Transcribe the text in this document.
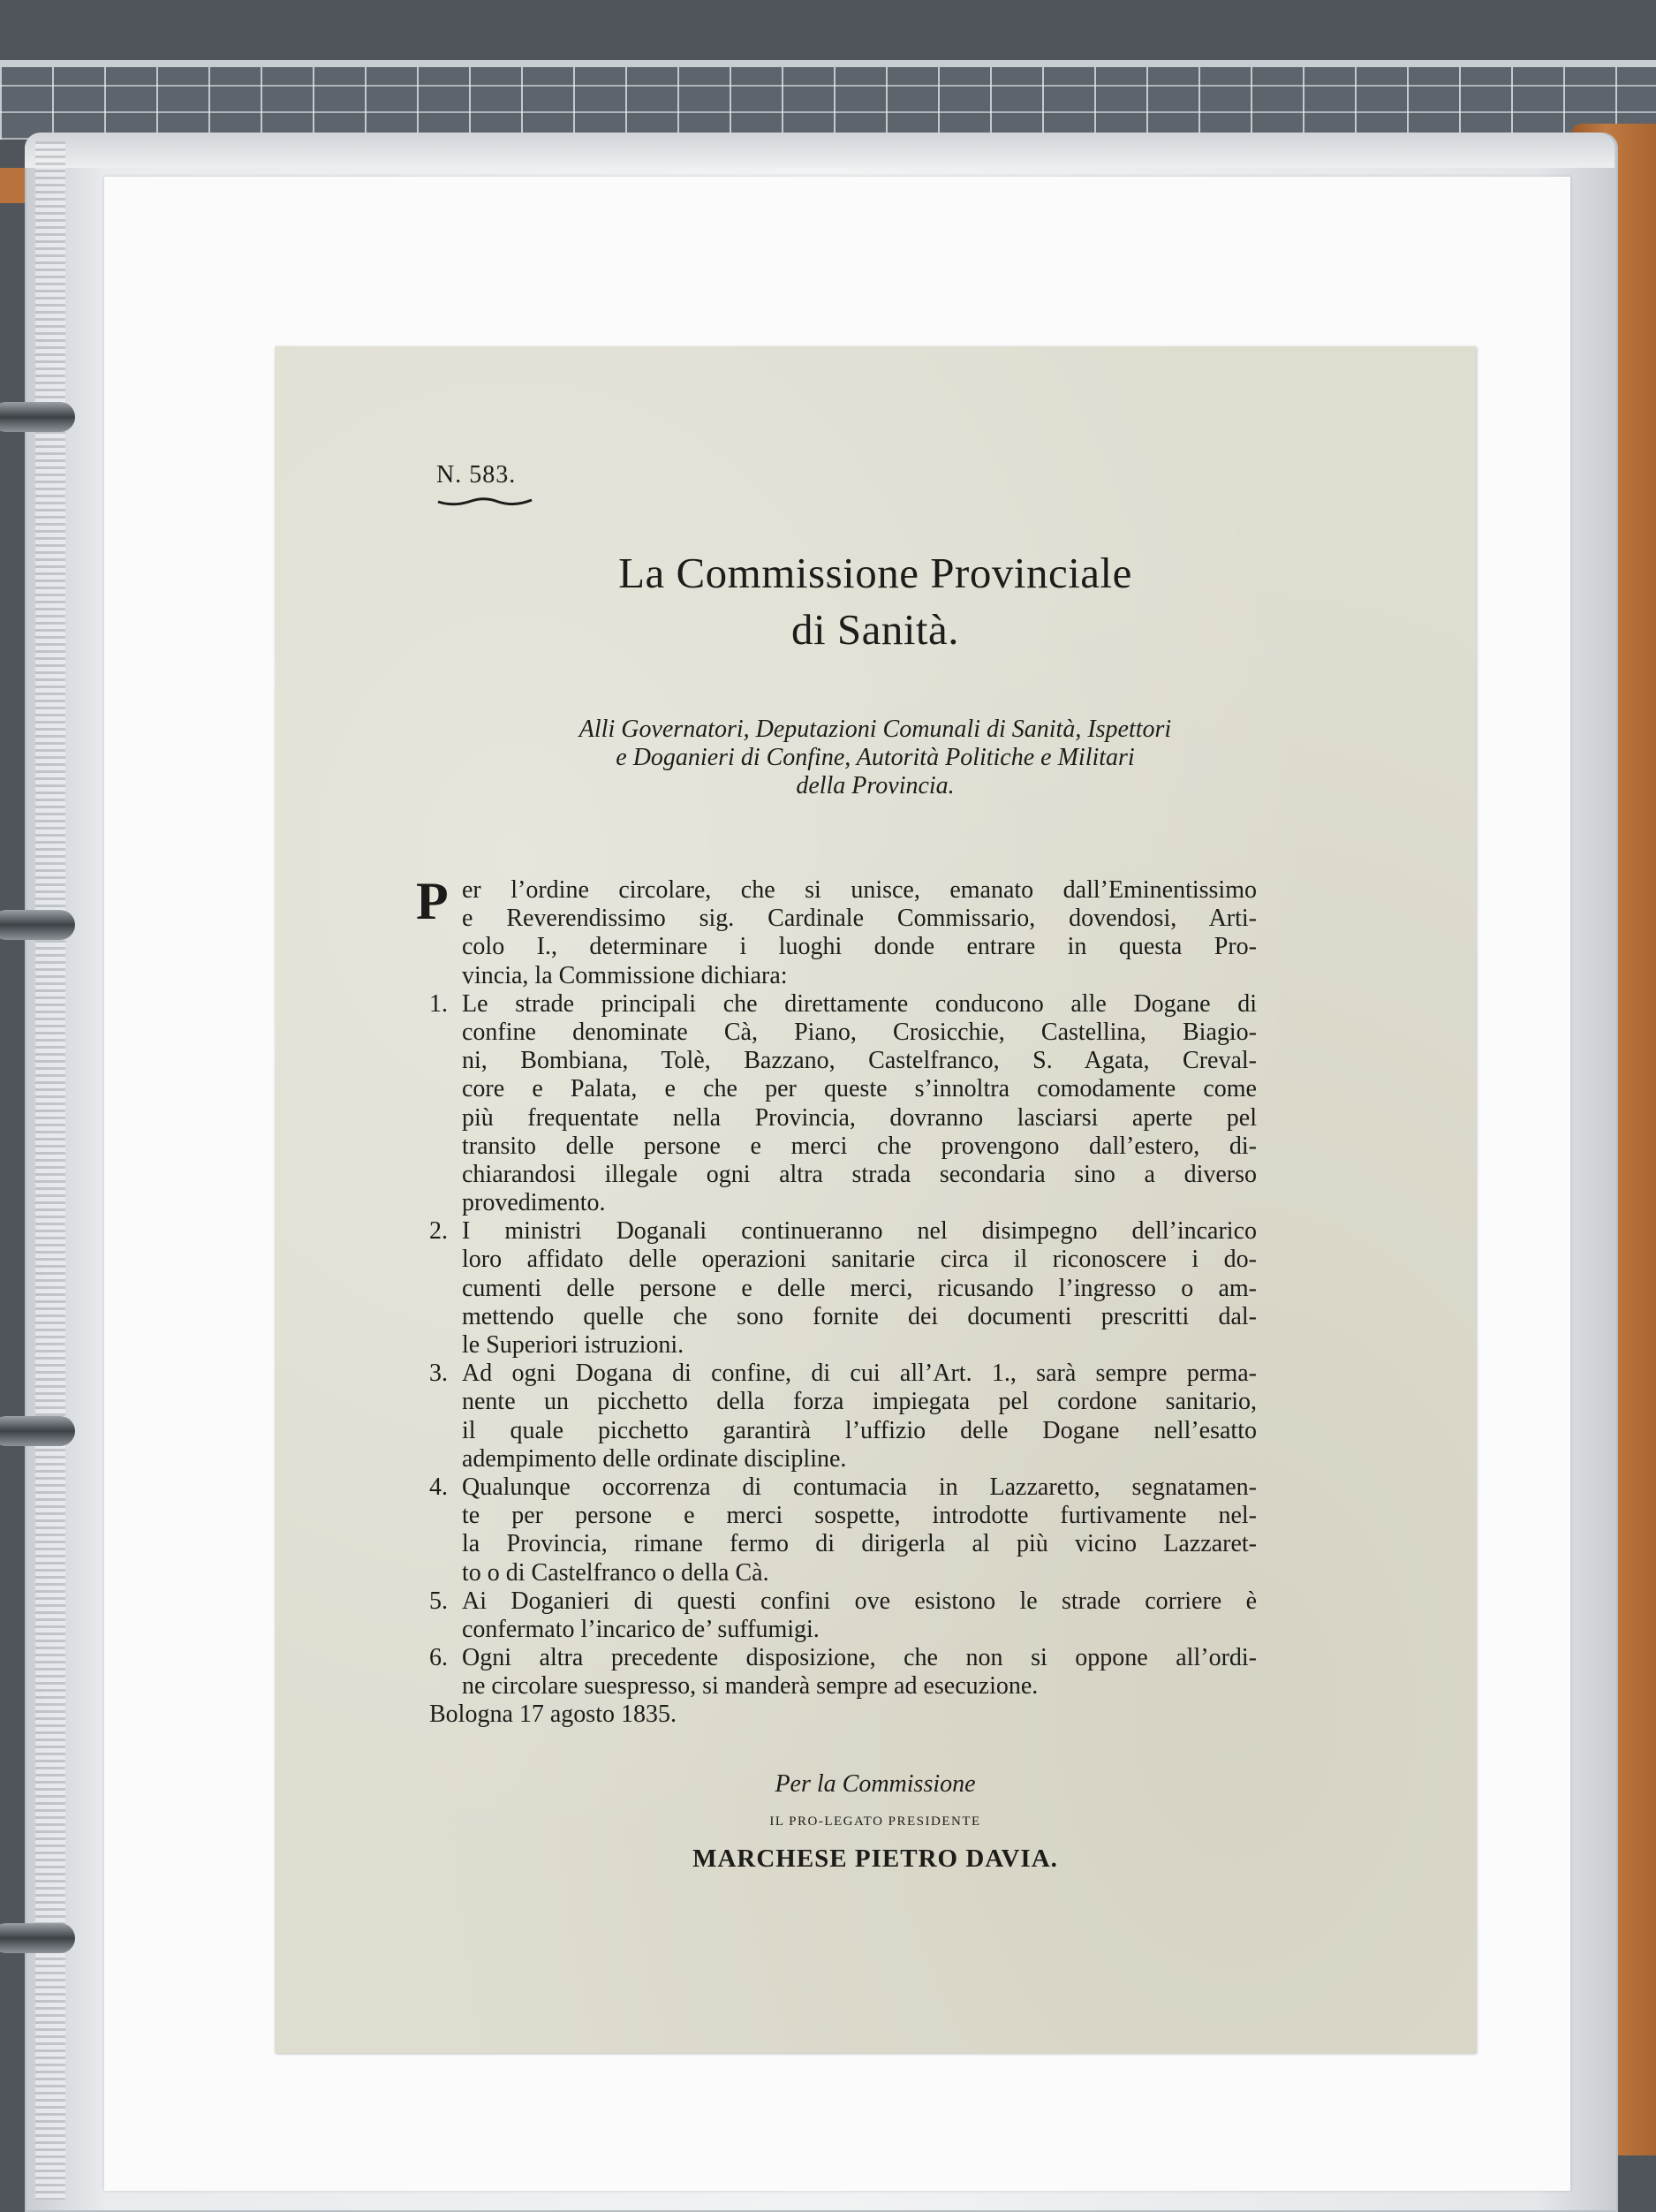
N. 583.
La Commissione Provinciale
di Sanità.
Alli Governatori, Deputazioni Comunali di Sanità, Ispettori
e Doganieri di Confine, Autorità Politiche e Militari
della Provincia.
er l’ordine circolare, che si unisce, emanato dall’Eminentissimo
e Reverendissimo sig. Cardinale Commissario, dovendosi, Arti-
colo I., determinare i luoghi donde entrare in questa Pro-
vincia, la Commissione dichiara:
P
1. Le strade principali che direttamente conducono alle Dogane di
confine denominate Cà, Piano, Crosicchie, Castellina, Biagio-
ni, Bombiana, Tolè, Bazzano, Castelfranco, S. Agata, Creval-
core e Palata, e che per queste s’innoltra comodamente come
più frequentate nella Provincia, dovranno lasciarsi aperte pel
transito delle persone e merci che provengono dall’estero, di-
chiarandosi illegale ogni altra strada secondaria sino a diverso
provedimento.
2. I ministri Doganali continueranno nel disimpegno dell’incarico
loro affidato delle operazioni sanitarie circa il riconoscere i do-
cumenti delle persone e delle merci, ricusando l’ingresso o am-
mettendo quelle che sono fornite dei documenti prescritti dal-
le Superiori istruzioni.
3. Ad ogni Dogana di confine, di cui all’Art. 1., sarà sempre perma-
nente un picchetto della forza impiegata pel cordone sanitario,
il quale picchetto garantirà l’uffizio delle Dogane nell’esatto
adempimento delle ordinate discipline.
4. Qualunque occorrenza di contumacia in Lazzaretto, segnatamen-
te per persone e merci sospette, introdotte furtivamente nel-
la Provincia, rimane fermo di dirigerla al più vicino Lazzaret-
to o di Castelfranco o della Cà.
5. Ai Doganieri di questi confini ove esistono le strade corriere è
confermato l’incarico de’ suffumigi.
6. Ogni altra precedente disposizione, che non si oppone all’ordi-
ne circolare suespresso, si manderà sempre ad esecuzione.
Bologna 17 agosto 1835.
Per la Commissione
IL PRO-LEGATO PRESIDENTE
MARCHESE PIETRO DAVIA.
